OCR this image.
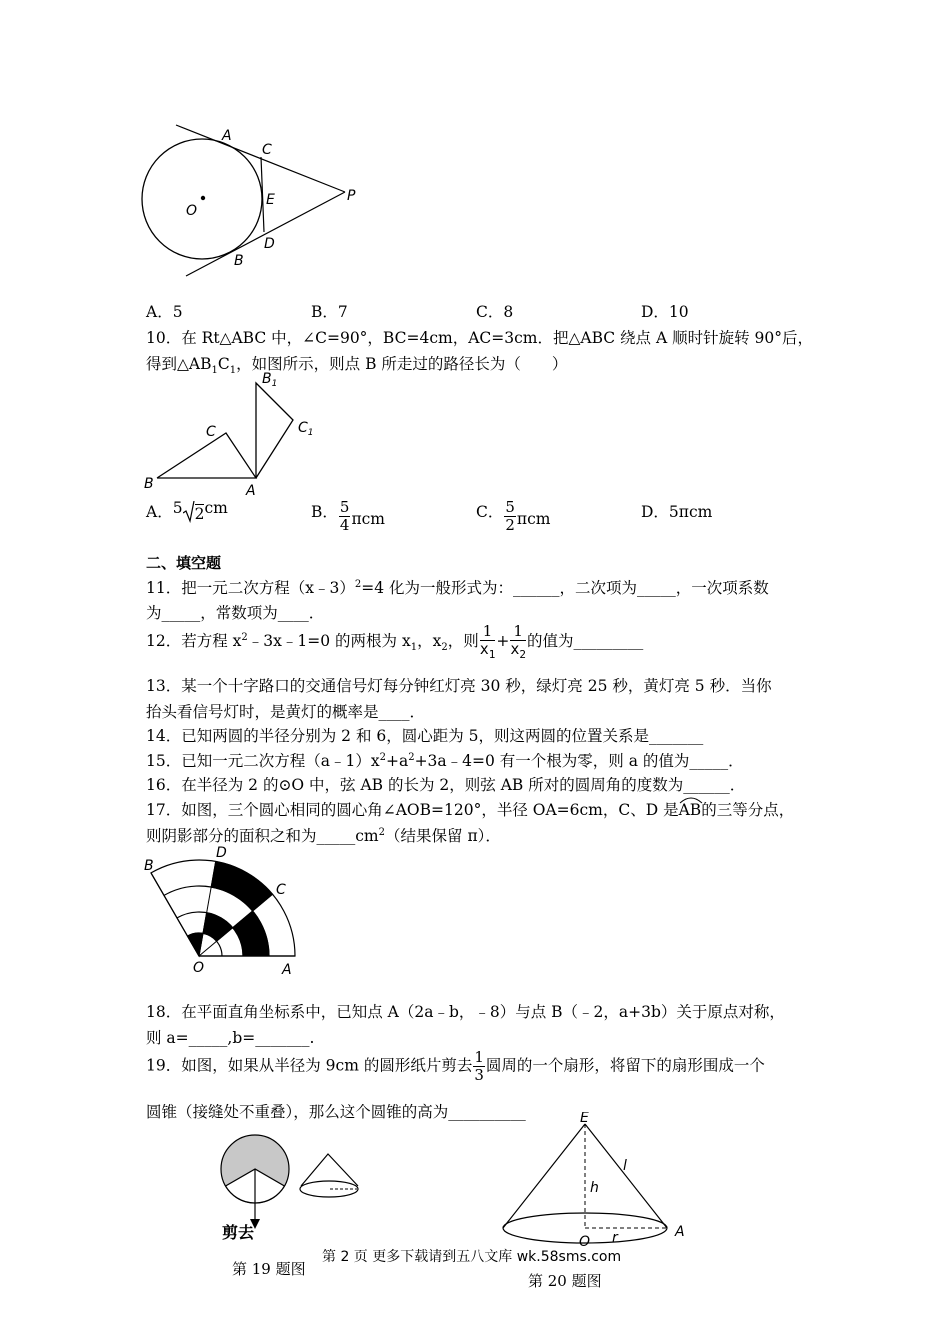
A
C
E	P
O
D
B
A．5	B．7	C．8	D．10
10．在 Rt△ABC 中，∠C=90°，BC=4cm，AC=3cm．把△ABC 绕点 A 顺时针旋转 90°后，
得到$\triangle AB_1C_1$，如图所示，则点 B 所走过的路径长为（　　）
B	A
C
$B_1$
$C_1$
A．5 2cm	B． $\frac{5}{4}$ πcm	C． $\frac{5}{2}$ πcm	D．5πcm
二、填空题
11．把一元二次方程（x﹣3）$^2$=4 化为一般形式为：______，二次项为_____，一次项系数
为_____，常数项为____．
12．若方程 $x^2﹣3x﹣1=0$ 的两根为 $x_1$，$x_2$，则 $\frac{1}{x_1} + \frac{1}{x_2}$ 的值为_________
13．某一个十字路口的交通信号灯每分钟红灯亮 30 秒，绿灯亮 25 秒，黄灯亮 5 秒．当你
抬头看信号灯时，是黄灯的概率是____．
14．已知两圆的半径分别为 2 和 6，圆心距为 5，则这两圆的位置关系是_______
15．已知一元二次方程$(a﹣1)x^2+a^2+3a﹣4=0$ 有一个根为零，则 a 的值为_____．
16．在半径为 2 的⊙O 中，弦 AB 的长为 2，则弦 AB 所对的圆周角的度数为______．
17．如图，三个圆心相同的圆心角∠AOB=120°，半径 OA=6cm，C、D 是
AB的三等分点，
则阴影部分的面积之和为$\_\_\_\_\_cm^2$（结果保留 π）．
B
D
C
O	A
18．在平面直角坐标系中，已知点 A（2a﹣b，﹣8）与点 B（﹣2，a+3b）关于原点对称，
则 a=_____,b=_______.
19．如图，如果从半径为 9cm 的圆形纸片剪去 $\frac{1}{3}$ 圆周的一个扇形，将留下的扇形围成一个
圆锥（接缝处不重叠），那么这个圆锥的高为__________
剪去
第 19 题图
E
l
h
O r	A
第 20 题图
第 2 页 更多下载请到五八文库 wk.58sms.com
